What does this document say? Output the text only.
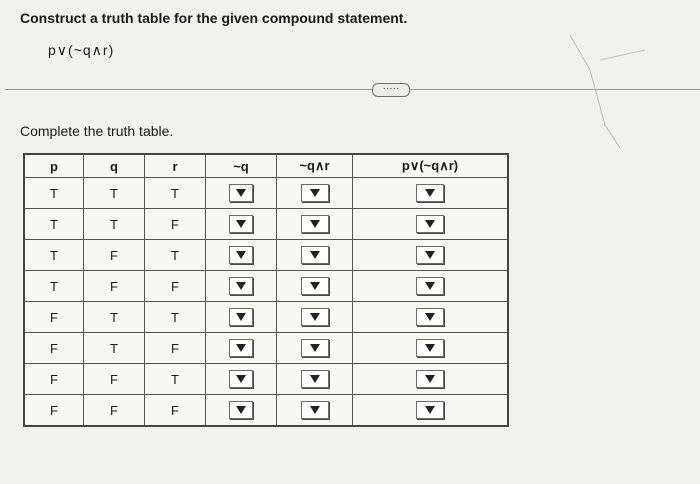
Construct a truth table for the given compound statement.
p∨(~q∧r)
·····
Complete the truth table.
p	q	r	~q	~q∧r	p∨(~q∧r)
T	T	T	

T	T	F	

T	F	T	

T	F	F	

F	T	T	

F	T	F	

F	F	T	

F	F	F	
